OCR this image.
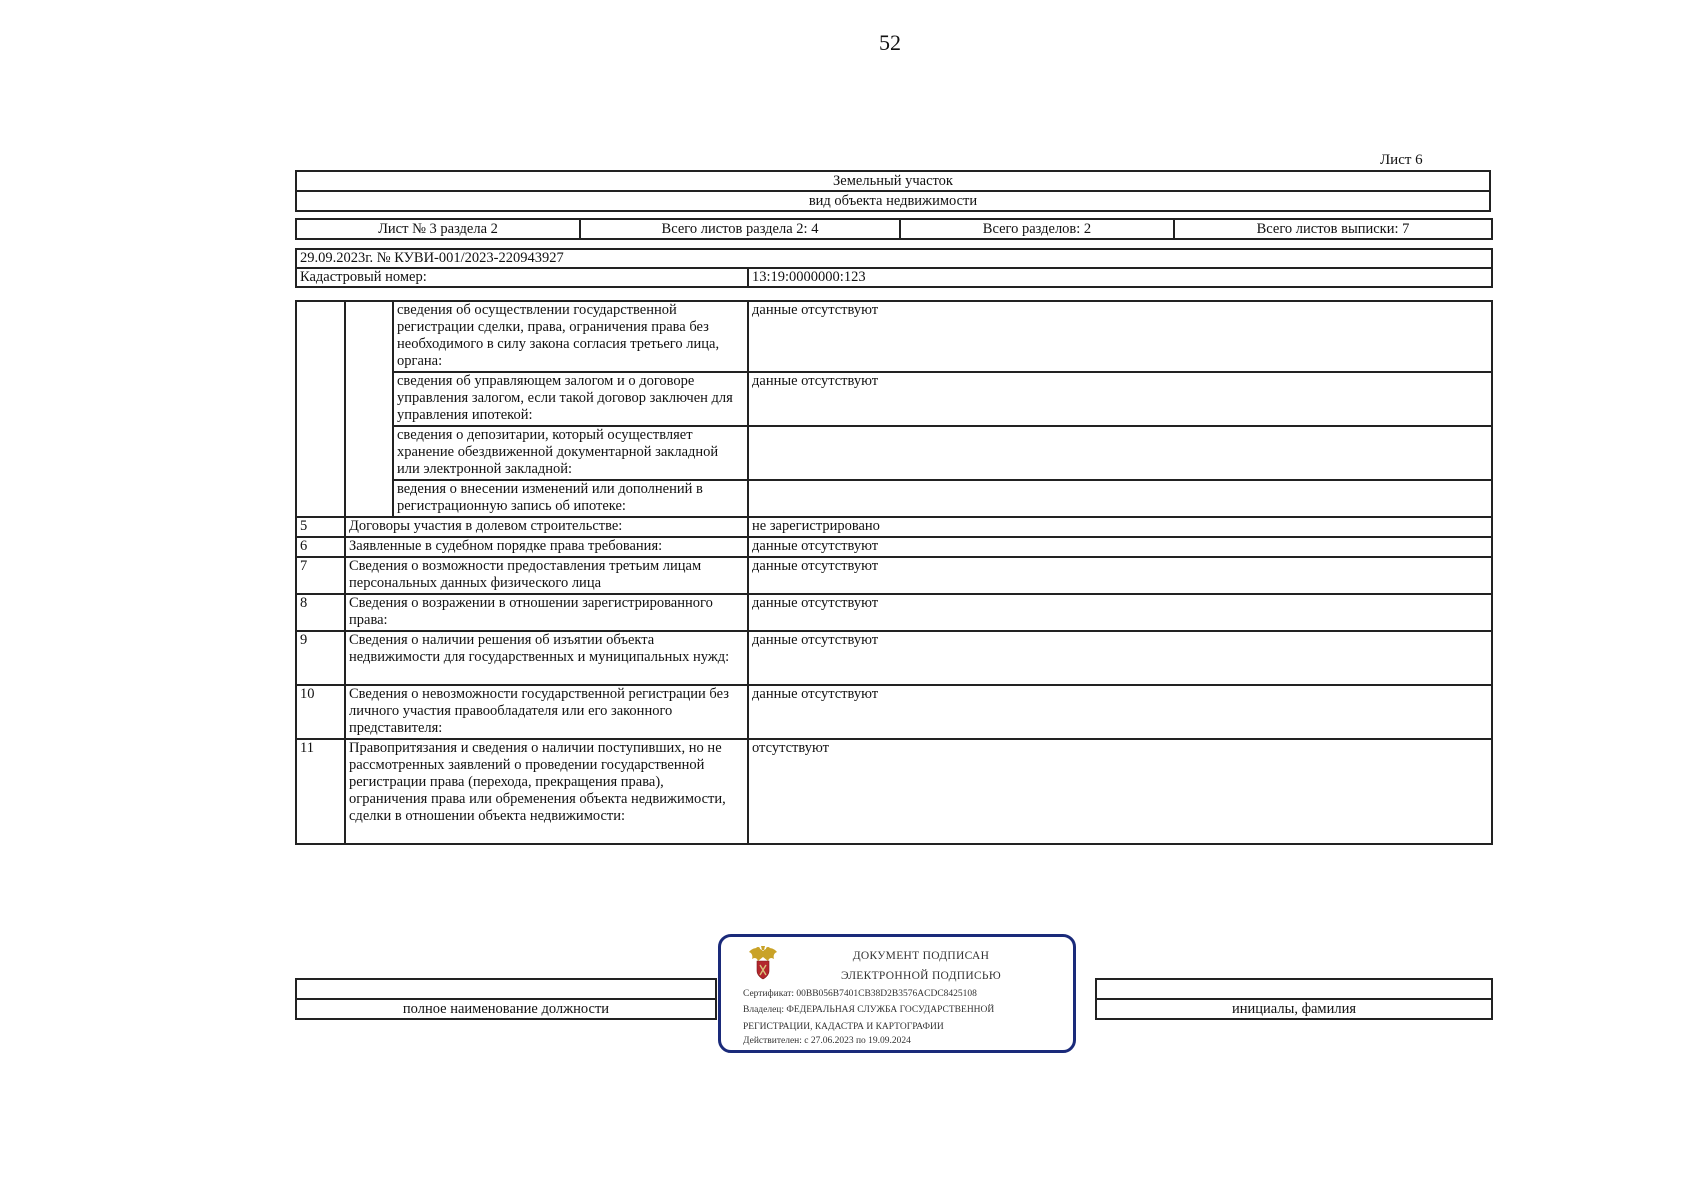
52
Лист 6
Земельный участок
вид объекта недвижимости
Лист № 3 раздела 2	Всего листов раздела 2: 4	Всего разделов: 2	Всего листов выписки: 7
29.09.2023г. № КУВИ-001/2023-220943927
Кадастровый номер:	13:19:0000000:123
		сведения об осуществлении государственной регистрации сделки, права, ограничения права без необходимого в силу закона согласия третьего лица, органа:	данные отсутствуют
		сведения об управляющем залогом и о договоре управления залогом, если такой договор заключен для управления ипотекой:	данные отсутствуют
		сведения о депозитарии, который осуществляет хранение обездвиженной документарной закладной или электронной закладной:	
		ведения о внесении изменений или дополнений в регистрационную запись об ипотеке:	
5	Договоры участия в долевом строительстве:		не зарегистрировано
6	Заявленные в судебном порядке права требования:		данные отсутствуют
7	Сведения о возможности предоставления третьим лицам персональных данных физического лица		данные отсутствуют
8	Сведения о возражении в отношении зарегистрированного права:		данные отсутствуют
9	Сведения о наличии решения об изъятии объекта недвижимости для государственных и муниципальных нужд:		данные отсутствуют
10	Сведения о невозможности государственной регистрации без личного участия правообладателя или его законного представителя:		данные отсутствуют
11	Правопритязания и сведения о наличии поступивших, но не рассмотренных заявлений о проведении государственной регистрации права (перехода, прекращения права), ограничения права или обременения объекта недвижимости, сделки в отношении объекта недвижимости:		отсутствуют

полное наименование должности		инициалы, фамилия
ДОКУМЕНТ ПОДПИСАН
ЭЛЕКТРОННОЙ ПОДПИСЬЮ
Сертификат: 00BB056B7401CB38D2B3576ACDC8425108
Владелец: ФЕДЕРАЛЬНАЯ СЛУЖБА ГОСУДАРСТВЕННОЙ
РЕГИСТРАЦИИ, КАДАСТРА И КАРТОГРАФИИ
Действителен: с 27.06.2023 по 19.09.2024
